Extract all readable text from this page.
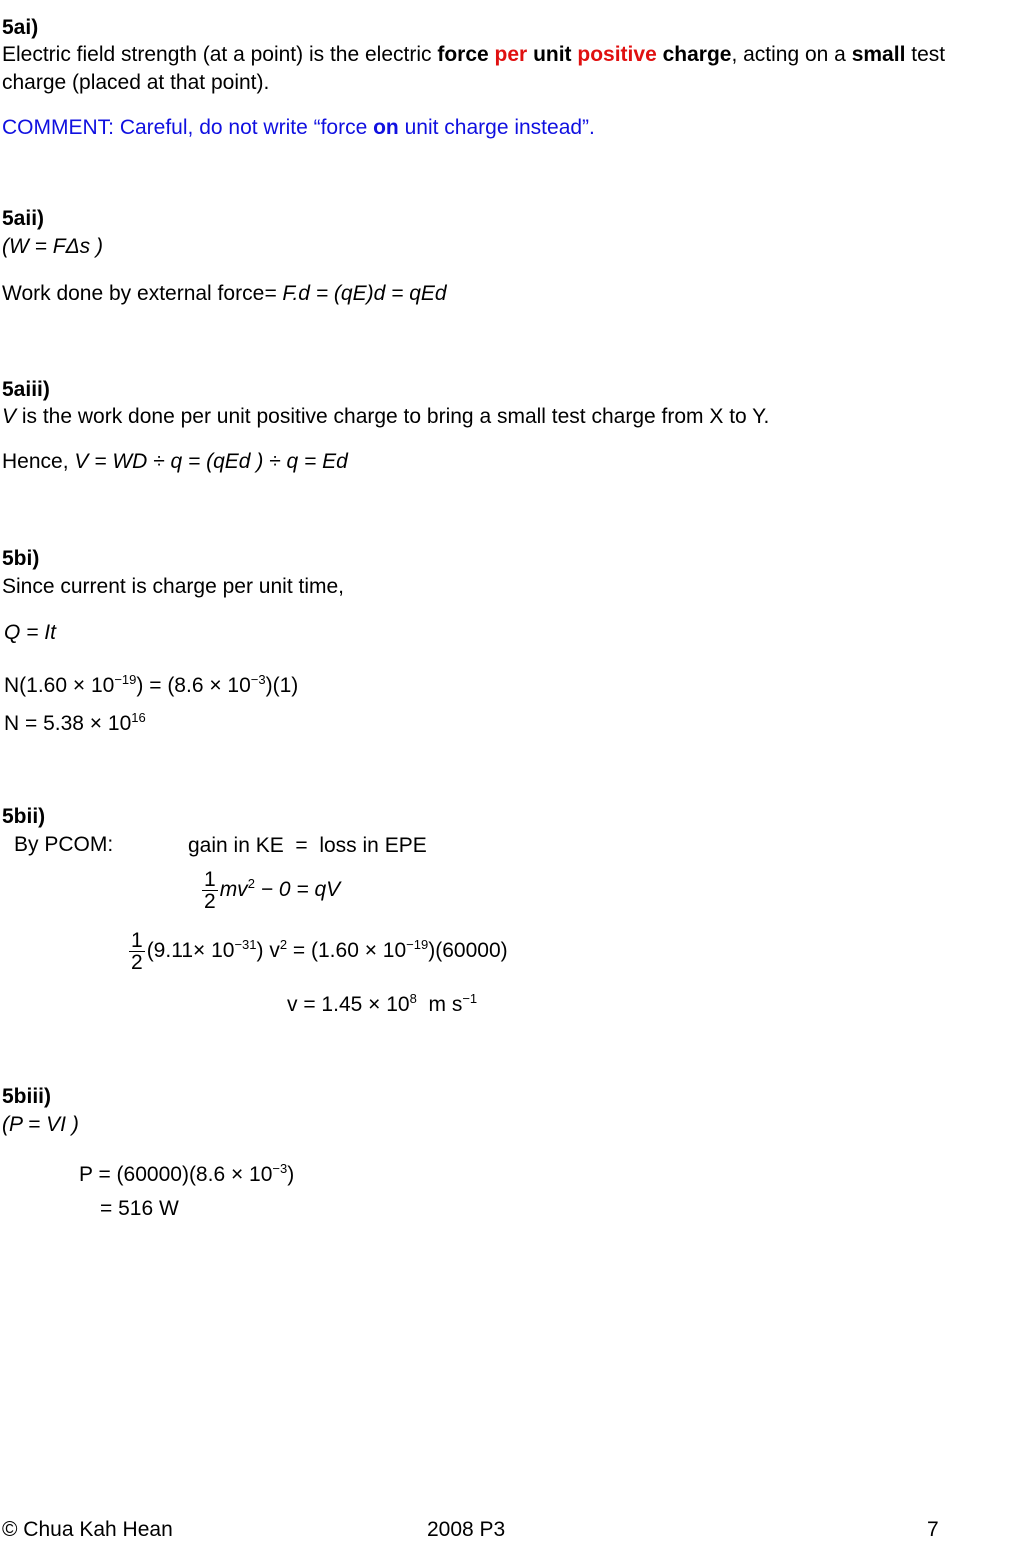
5ai)
Electric field strength (at a point) is the electric force per unit positive charge, acting on a small test
charge (placed at that point).
COMMENT: Careful, do not write “force on unit charge instead”.
5aii)
(W = FΔs )
Work done by external force= F.d = (qE)d = qEd
5aiii)
V is the work done per unit positive charge to bring a small test charge from X to Y.
Hence, V = WD ÷ q = (qEd ) ÷ q = Ed
5bi)
Since current is charge per unit time,
Q = It
$N(1.60 \times 10^{-19}) = (8.6 \times 10^{-3})(1)$
$N = 5.38 \times 10^{16}$
5bii)
By PCOM:	gain in KE  =  loss in EPE
$\frac{1}{2} mv^2 - 0$ = qV
$\frac{1}{2} (9.11\times 10^{-31}) v^2 = (1.60 \times 10^{-19})(60000)$
$v = 1.45 \times 10^8$  m $s^{-1}$
5biii)
(P = VI )
$P = (60000)(8.6 \times 10^{-3})$
= 516 W
© Chua Kah Hean	2008 P3	7
